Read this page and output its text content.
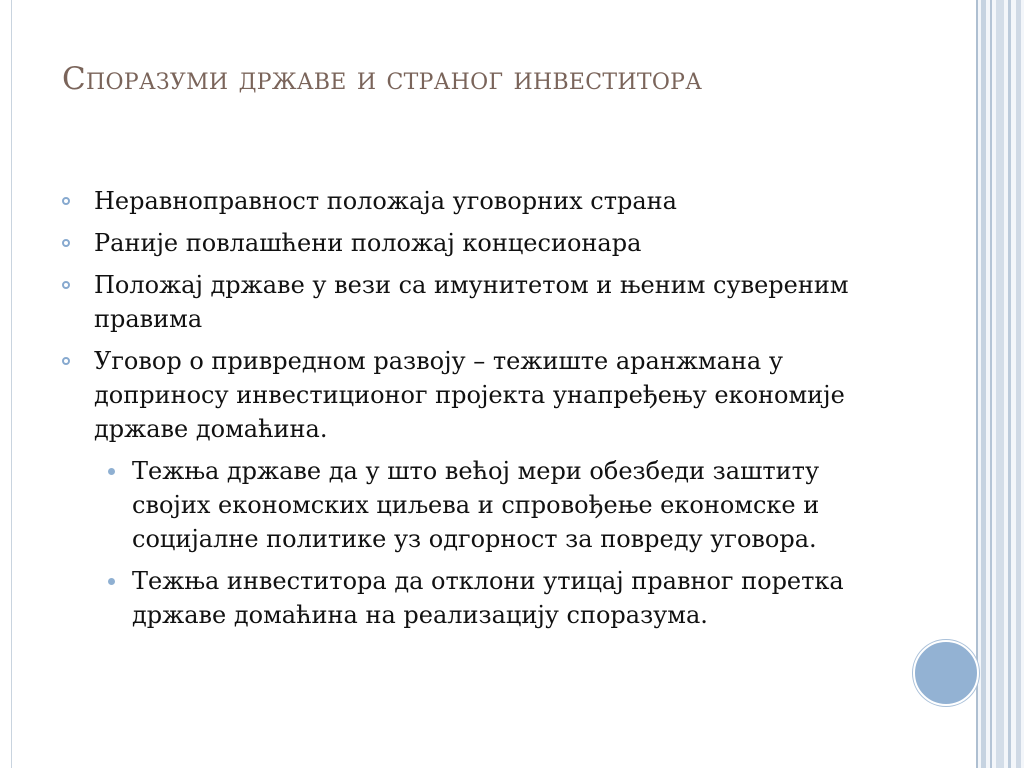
Споразуми државе и страног инвеститора
Неравноправност положаја уговорних страна
Раније повлашћени положај концесионара
Положај државе у вези са имунитетом и њеним сувереним правима
Уговор о привредном развоју – тежиште аранжмана у доприносу инвестиционог пројекта унапређењу економије државе домаћина.
Тежња државе да у што већој мери обезбеди заштиту својих економских циљева и спровођење економске и социјалне политике уз одгорност за повреду уговора.
Тежња инвеститора да отклони утицај правног поретка државе домаћина на реализацију споразума.
